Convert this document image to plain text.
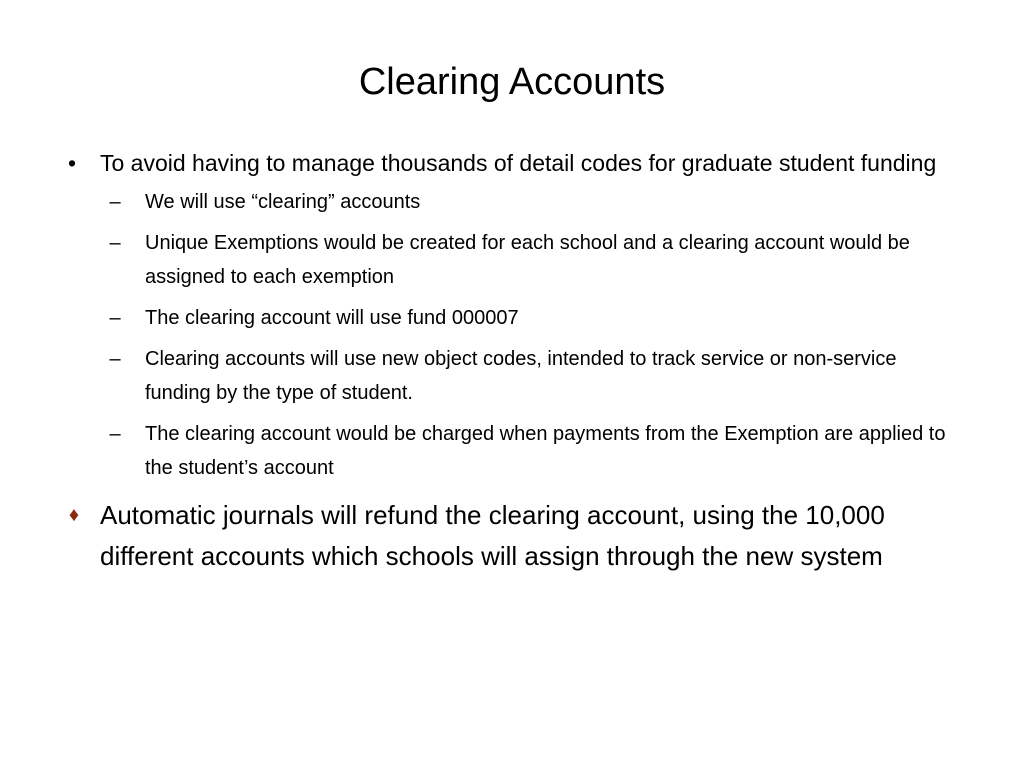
Clearing Accounts
• To avoid having to manage thousands of detail codes for graduate student funding
– We will use “clearing” accounts
– Unique Exemptions would be created for each school and a clearing account would be assigned to each exemption
– The clearing account will use fund 000007
– Clearing accounts will use new object codes, intended to track service or non-service funding by the type of student.
– The clearing account would be charged when payments from the Exemption are applied to the student’s account
♦ Automatic journals will refund the clearing account, using the 10,000 different accounts which schools will assign through the new system
